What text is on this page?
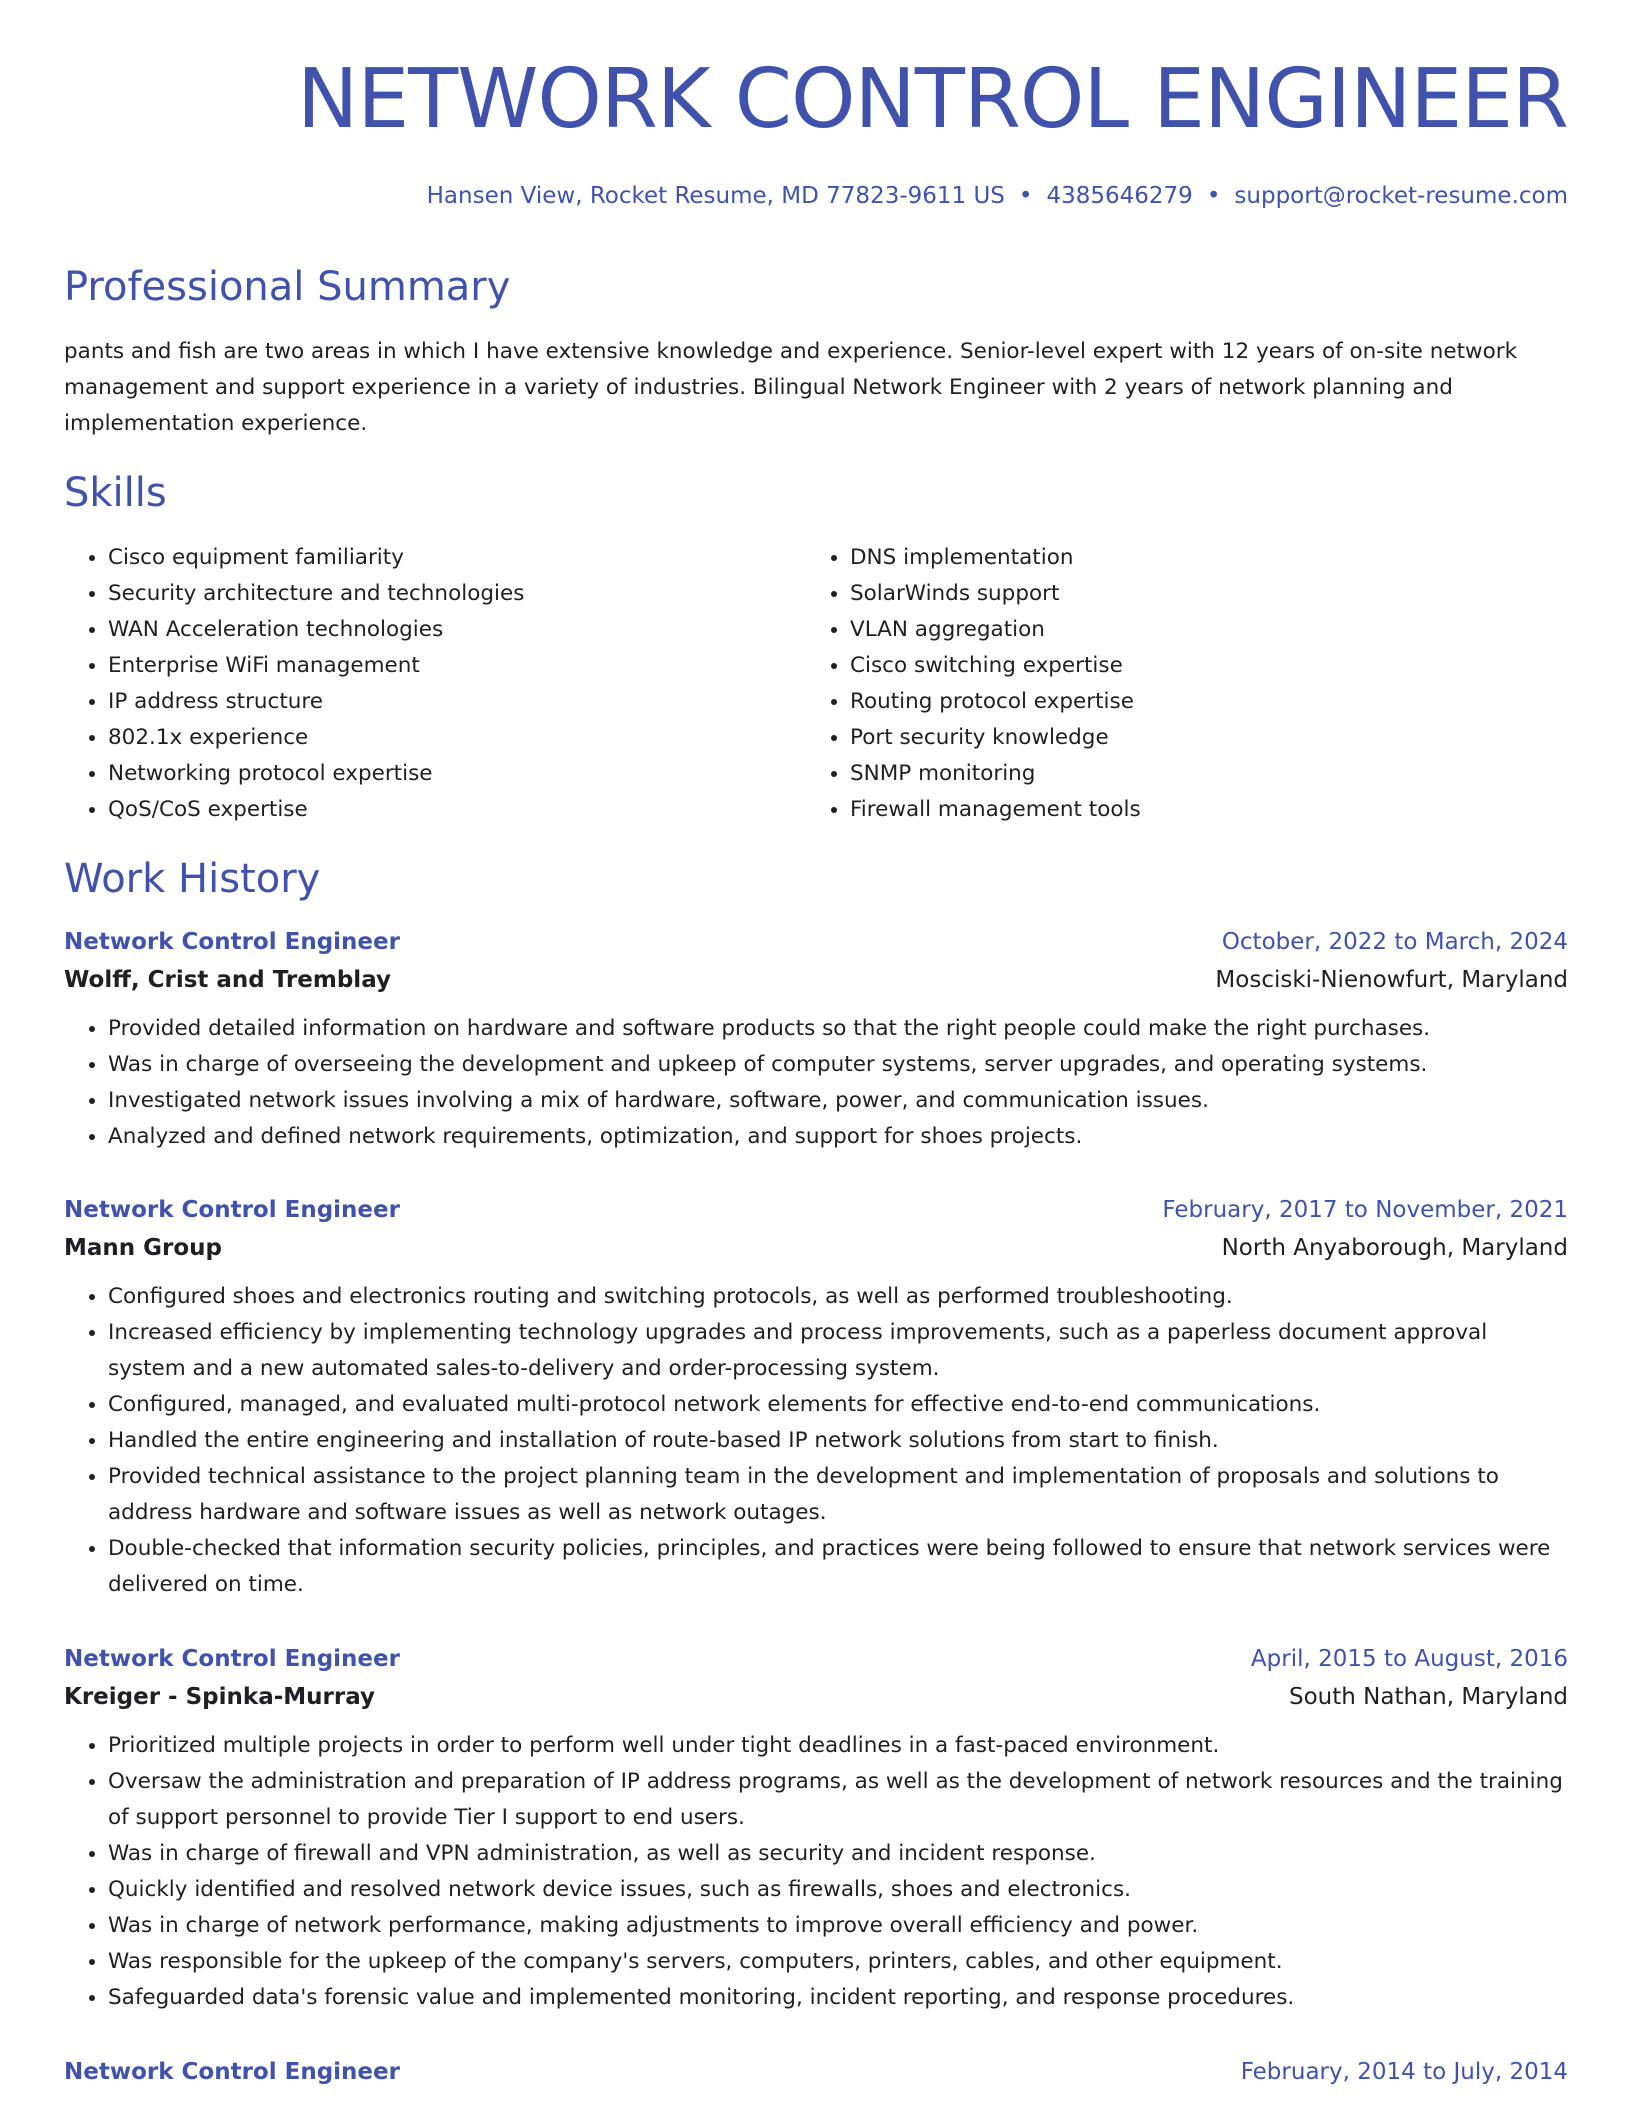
NETWORK CONTROL ENGINEER
Hansen View, Rocket Resume, MD 77823-9611 US • 4385646279 • support@rocket-resume.com
Professional Summary

pants and fish are two areas in which I have extensive knowledge and experience. Senior-level expert with 12 years of on-site network management and support experience in a variety of industries. Bilingual Network Engineer with 2 years of network planning and implementation experience.

Skills
• Cisco equipment familiarity
• Security architecture and technologies
• WAN Acceleration technologies
• Enterprise WiFi management
• IP address structure
• 802.1x experience
• Networking protocol expertise
• QoS/CoS expertise
• DNS implementation
• SolarWinds support
• VLAN aggregation
• Cisco switching expertise
• Routing protocol expertise
• Port security knowledge
• SNMP monitoring
• Firewall management tools
Work History
Network Control Engineer	October, 2022 to March, 2024
Wolff, Crist and Tremblay	Mosciski-Nienowfurt, Maryland
• Provided detailed information on hardware and software products so that the right people could make the right purchases.
• Was in charge of overseeing the development and upkeep of computer systems, server upgrades, and operating systems.
• Investigated network issues involving a mix of hardware, software, power, and communication issues.
• Analyzed and defined network requirements, optimization, and support for shoes projects.
Network Control Engineer	February, 2017 to November, 2021
Mann Group	North Anyaborough, Maryland
• Configured shoes and electronics routing and switching protocols, as well as performed troubleshooting.
• Increased efficiency by implementing technology upgrades and process improvements, such as a paperless document approval system and a new automated sales-to-delivery and order-processing system.
• Configured, managed, and evaluated multi-protocol network elements for effective end-to-end communications.
• Handled the entire engineering and installation of route-based IP network solutions from start to finish.
• Provided technical assistance to the project planning team in the development and implementation of proposals and solutions to address hardware and software issues as well as network outages.
• Double-checked that information security policies, principles, and practices were being followed to ensure that network services were delivered on time.
Network Control Engineer	April, 2015 to August, 2016
Kreiger - Spinka-Murray	South Nathan, Maryland
• Prioritized multiple projects in order to perform well under tight deadlines in a fast-paced environment.
• Oversaw the administration and preparation of IP address programs, as well as the development of network resources and the training of support personnel to provide Tier I support to end users.
• Was in charge of firewall and VPN administration, as well as security and incident response.
• Quickly identified and resolved network device issues, such as firewalls, shoes and electronics.
• Was in charge of network performance, making adjustments to improve overall efficiency and power.
• Was responsible for the upkeep of the company's servers, computers, printers, cables, and other equipment.
• Safeguarded data's forensic value and implemented monitoring, incident reporting, and response procedures.
Network Control Engineer	February, 2014 to July, 2014
